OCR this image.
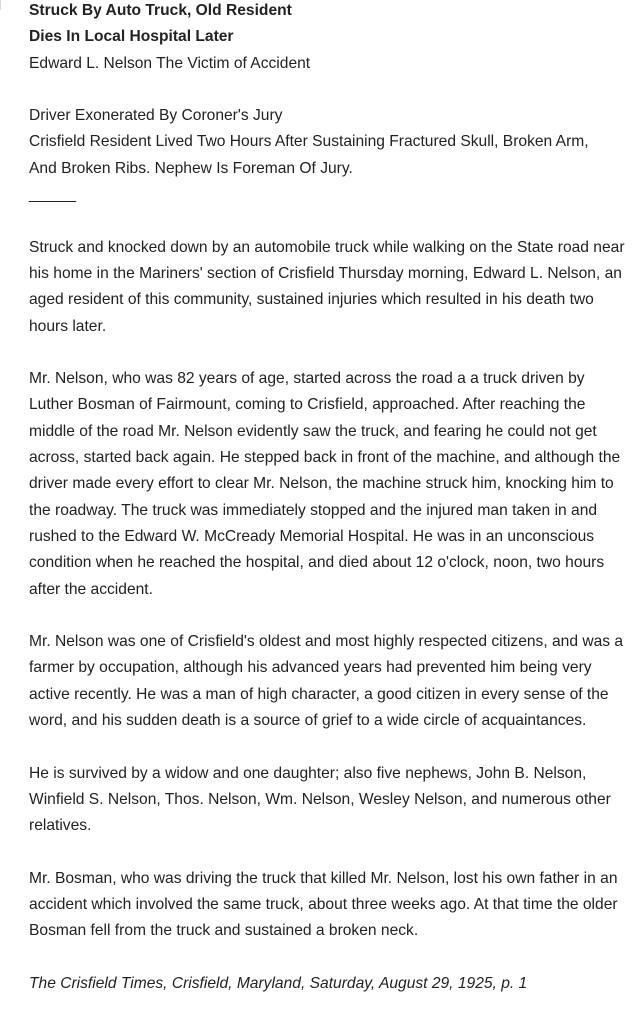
Struck By Auto Truck, Old Resident
Dies In Local Hospital Later
Edward L. Nelson The Victim of Accident
Driver Exonerated By Coroner's Jury
Crisfield Resident Lived Two Hours After Sustaining Fractured Skull, Broken Arm,
And Broken Ribs. Nephew Is Foreman Of Jury.
______

Struck and knocked down by an automobile truck while walking on the State road near his home in the Mariners' section of Crisfield Thursday morning, Edward L. Nelson, an aged resident of this community, sustained injuries which resulted in his death two hours later.

Mr. Nelson, who was 82 years of age, started across the road a a truck driven by Luther Bosman of Fairmount, coming to Crisfield, approached. After reaching the middle of the road Mr. Nelson evidently saw the truck, and fearing he could not get across, started back again. He stepped back in front of the machine, and although the driver made every effort to clear Mr. Nelson, the machine struck him, knocking him to the roadway. The truck was immediately stopped and the injured man taken in and rushed to the Edward W. McCready Memorial Hospital. He was in an unconscious condition when he reached the hospital, and died about 12 o'clock, noon, two hours after the accident.

Mr. Nelson was one of Crisfield's oldest and most highly respected citizens, and was a farmer by occupation, although his advanced years had prevented him being very active recently. He was a man of high character, a good citizen in every sense of the word, and his sudden death is a source of grief to a wide circle of acquaintances.

He is survived by a widow and one daughter; also five nephews, John B. Nelson, Winfield S. Nelson, Thos. Nelson, Wm. Nelson, Wesley Nelson, and numerous other relatives.

Mr. Bosman, who was driving the truck that killed Mr. Nelson, lost his own father in an accident which involved the same truck, about three weeks ago. At that time the older Bosman fell from the truck and sustained a broken neck.

The Crisfield Times, Crisfield, Maryland, Saturday, August 29, 1925, p. 1
